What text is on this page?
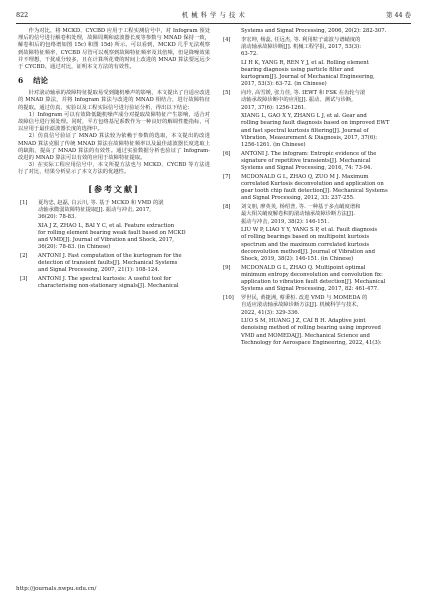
822	机 械 科 学 与 技 术	第 44 卷

作为对比，将 MCKD、CYCBD 应用于工程实测信号中，对 Infogram 预处理后的信号进行解卷积处理，故障周期和滤波器长度等参数与 MNAD 保持一致，解卷积后的包络谱如图 15c) 和图 15d) 所示。可以看到，MCKD 几乎无法观察到故障特征频率，CYCBD 尽管可以观察到故障特征频率及其倍频，但是降噪效果并不理想，干扰成分较多，且在计算所花费的时间上改进的 MNAD 算法要远远少于 CYCBD。通过对比，证明本文方法的有效性。

6 结论

针对滚动轴承的故障特征提取易受到随机噪声的影响，本文提出了自适应改进的 MNAD 算法，并将 Infogram 算法与改进的 MNAD 相结合，进行故障特征的提取。通过仿真、实验以及工程实际信号进行验证分析，得出以下结论：

1）Infogram 可以有效降低随机噪声成分对提取故障特征产生影响，适合对故障信号进行预处理。同时，平方包络基尼系数作为一种良好的解调性能指标，可以应用于最佳滤波器长度的选择中。

2）仿真信号验证了 MNAD 算法较为依赖于参数的选取，本文提出的改进 MNAD 算法克服了传统 MNAD 算法在故障特征频率以及最佳滤波器长度选取上的缺陷，提高了 MNAD 算法的有效性。通过实验数据分析也验证了 Infogram-改进的 MNAD 算法可以有效的应用于故障特征提取。

3）在实际工程应用信号中，本文所提方法也与 MCKD、CYCBD 等方法进行了对比，结果分析显示了本文方法的优越性。

[参考文献]
[1] 夏均忠, 赵磊, 白云川, 等. 基于 MCKD 和 VMD 的滚
动轴承微弱故障特征提取[J]. 振动与冲击, 2017,
36(20): 78-83.
XIA J Z, ZHAO L, BAI Y C, et al. Feature extraction
for rolling element bearing weak fault based on MCKD
and VMD[J]. Journal of Vibration and Shock, 2017,
36(20): 78-83. (in Chinese)
[2] ANTONI J. Fast computation of the kurtogram for the
detection of transient faults[J]. Mechanical Systems
and Signal Processing, 2007, 21(1): 108-124.
[3] ANTONI J. The spectral kurtosis: A useful tool for
characterising non-stationary signals[J]. Mechanical
Systems and Signal Processing, 2006, 20(2): 282-307.
[4] 李宏坤, 杨蕊, 任远杰, 等. 利用粒子滤波与谱峭度的
滚动轴承故障诊断[J]. 机械工程学报, 2017, 53(3):
63-72.
LI H K, YANG R, REN Y J, et al. Rolling element
bearing diagnosis using particle filter and
kurtogram[J]. Journal of Mechanical Engineering,
2017, 53(3): 63-72. (in Chinese)
[5] 向玲, 高雪媛, 张力佳, 等. IEWT 和 FSK 在齿轮与滚
动轴承故障诊断中的应用[J]. 振动、测试与诊断,
2017, 37(6): 1256-1261.
XIANG L, GAO X Y, ZHANG L J, et al. Gear and
rolling bearing fault diagnosis based on improved EWT
and fast spectral kurtosis filtering[J]. Journal of
Vibration, Measurement & Diagnosis, 2017, 37(6):
1256-1261. (in Chinese)
[6] ANTONI J. The infogram: Entropic evidence of the
signature of repetitive transients[J]. Mechanical
Systems and Signal Processing, 2016, 74: 73-94.
[7] MCDONALD G L, ZHAO Q, ZUO M J. Maximum
correlated Kurtosis deconvolution and application on
gear tooth chip fault detection[J]. Mechanical Systems
and Signal Processing, 2012, 33: 237-255.
[8] 刘文朋, 廖英英, 杨绍普, 等. 一种基于多点峭度谱和
最大相关峭度解卷积的滚动轴承故障诊断方法[J].
振动与冲击, 2019, 38(2): 146-151.
LIU W P, LIAO Y Y, YANG S P, et al. Fault diagnosis
of rolling bearings based on multipoint kurtosis
spectrum and the maximum correlated kurtosis
deconvolution method[J]. Journal of Vibration and
Shock, 2019, 38(2): 146-151. (in Chinese)
[9] MCDONALD G L, ZHAO Q. Multipoint optimal
minimum entropy deconvolution and convolution fix:
application to vibration fault detection[J]. Mechanical
Systems and Signal Processing, 2017, 82: 461-477.
[10] 罗世民, 黄捷洲, 蔡秉桓. 改进 VMD 与 MOMEDA 的
自适应滚动轴承故障诊断方法[J]. 机械科学与技术,
2022, 41(3): 329-336.
LUO S M, HUANG J Z, CAI B H. Adaptive joint
denoising method of rolling bearing using improved
VMD and MOMEDA[J]. Mechanical Science and
Technology for Aerospace Engineering, 2022, 41(3):
http://journals.nwpu.edu.cn/
